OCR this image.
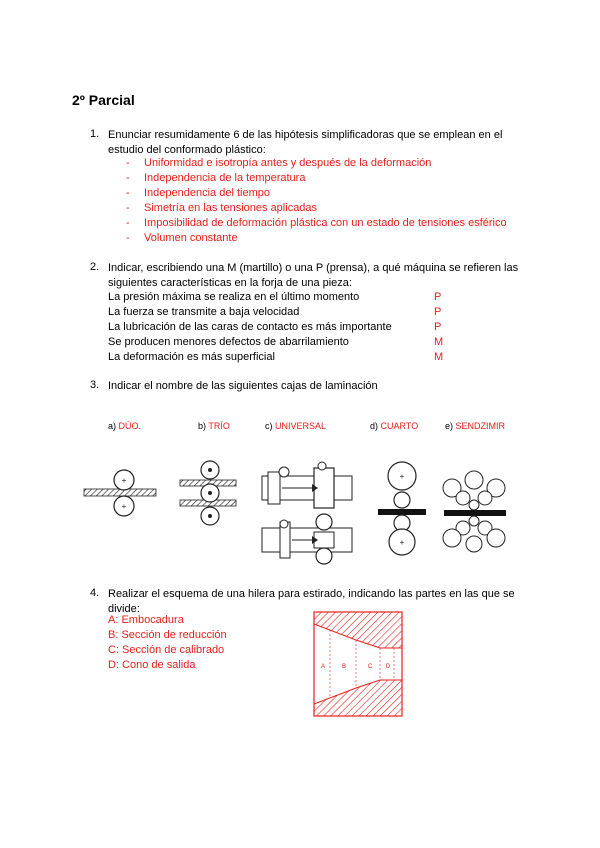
2º Parcial
1. Enunciar resumidamente 6 de las hipótesis simplificadoras que se emplean en el estudio del conformado plástico:
-	Uniformidad e isotropía antes y después de la deformación
-	Independencia de la temperatura
-	Independencia del tiempo
-	Simetría en las tensiones aplicadas
-	Imposibilidad de deformación plástica con un estado de tensiones esférico
-	Volumen constante
2. Indicar, escribiendo una M (martillo) o una P (prensa), a qué máquina se refieren las siguientes características en la forja de una pieza:
La presión máxima se realiza en el último momento	P
La fuerza se transmite a baja velocidad	P
La lubricación de las caras de contacto es más importante	P
Se producen menores defectos de abarrilamiento	M
La deformación es más superficial	M
3. Indicar el nombre de las siguientes cajas de laminación
a) DÚO.	b) TRÍO	c) UNIVERSAL	d) CUARTO	e) SENDZIMIR
+
+
+
+
4. Realizar el esquema de una hilera para estirado, indicando las partes en las que se divide:
A: Embocadura
B: Sección de reducción
C: Sección de calibrado
D: Cono de salida	A	B	C D
